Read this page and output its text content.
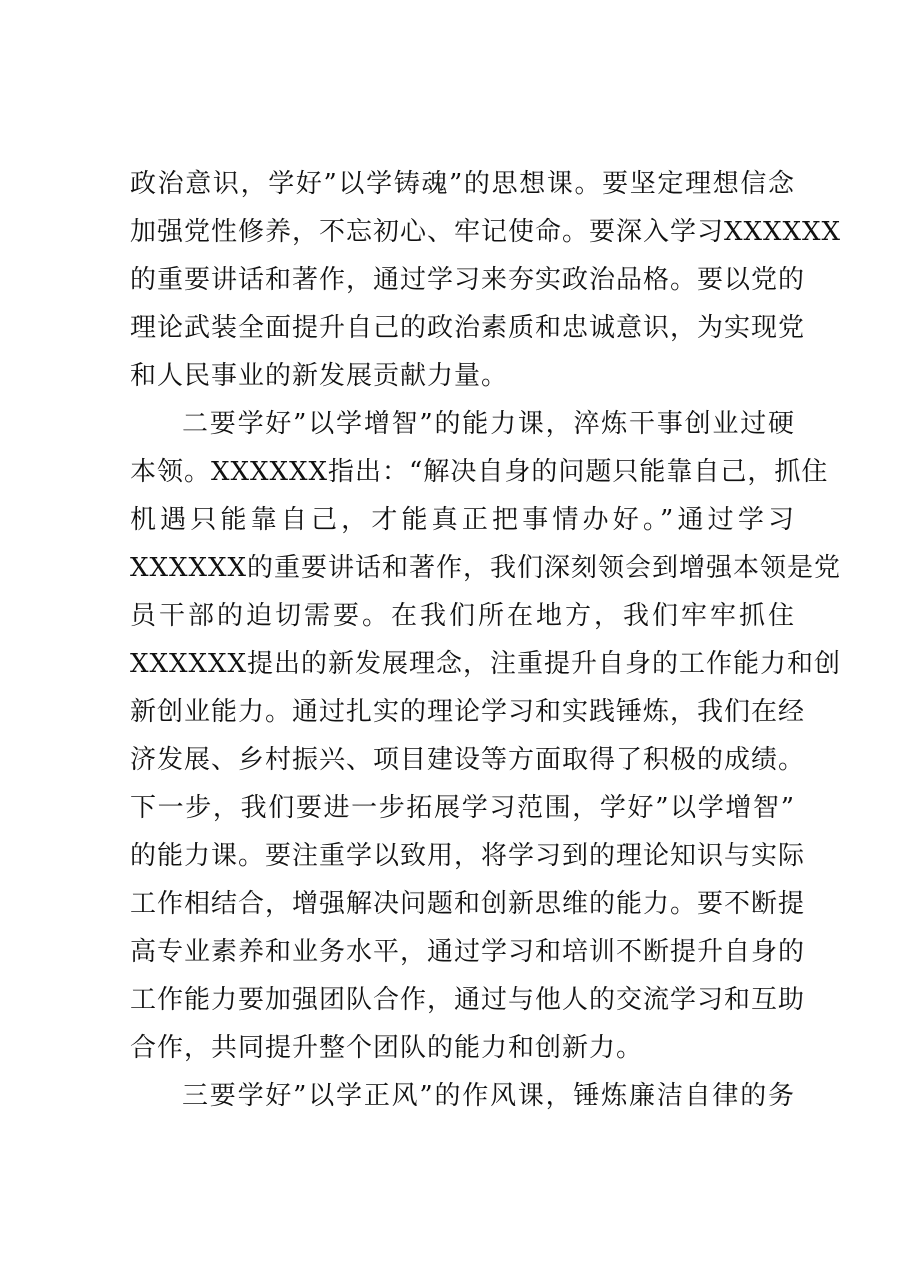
政治意识，学好”以学铸魂”的思想课。要坚定理想信念
加强党性修养，不忘初心、牢记使命。要深入学习XXXXXX
的重要讲话和著作，通过学习来夯实政治品格。要以党的
理论武装全面提升自己的政治素质和忠诚意识，为实现党
和人民事业的新发展贡献力量。
二要学好”以学增智”的能力课，淬炼干事创业过硬
本领。XXXXXX指出：“解决自身的问题只能靠自己，抓住
机遇只能靠自己，才能真正把事情办好。”通过学习
XXXXXX的重要讲话和著作，我们深刻领会到增强本领是党
员干部的迫切需要。在我们所在地方，我们牢牢抓住
XXXXXX提出的新发展理念，注重提升自身的工作能力和创
新创业能力。通过扎实的理论学习和实践锤炼，我们在经
济发展、乡村振兴、项目建设等方面取得了积极的成绩。
下一步，我们要进一步拓展学习范围，学好”以学增智”
的能力课。要注重学以致用，将学习到的理论知识与实际
工作相结合，增强解决问题和创新思维的能力。要不断提
高专业素养和业务水平，通过学习和培训不断提升自身的
工作能力要加强团队合作，通过与他人的交流学习和互助
合作，共同提升整个团队的能力和创新力。
三要学好”以学正风”的作风课，锤炼廉洁自律的务
